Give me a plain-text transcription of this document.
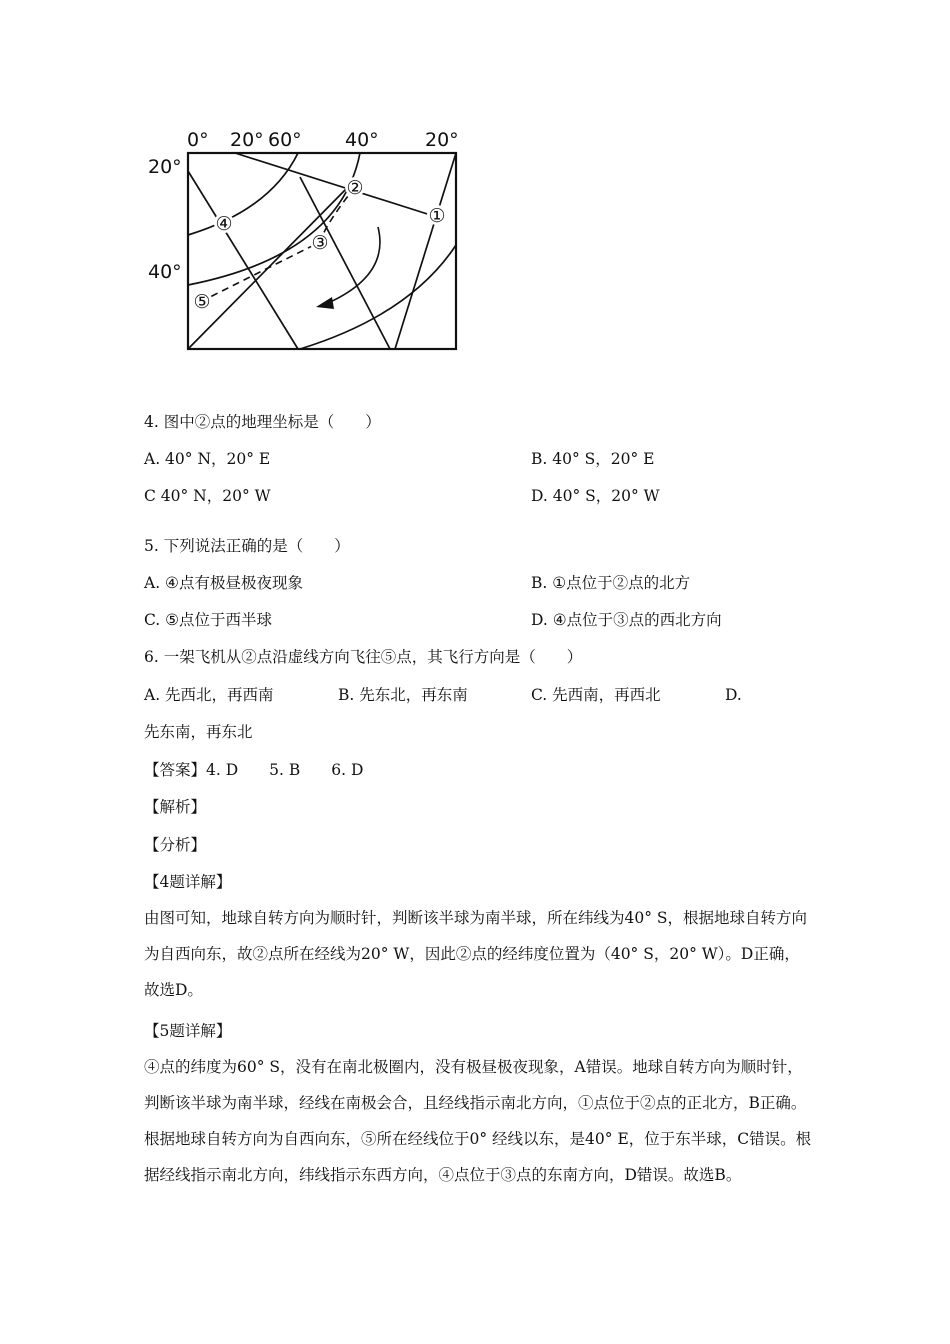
0° 20° 60° 40° 20°
20°
40°
①
②
③
④
⑤
4. 图中②点的地理坐标是（　　）
A. 40° N，20° E	B. 40° S，20° E
C 40° N，20° W	D. 40° S，20° W
5. 下列说法正确的是（　　）
A. ④点有极昼极夜现象	B. ①点位于②点的北方
C. ⑤点位于西半球	D. ④点位于③点的西北方向
6. 一架飞机从②点沿虚线方向飞往⑤点，其飞行方向是（　　）
A. 先西北，再西南	B. 先东北，再东南	C. 先西南，再西北	D.
先东南，再东北
【答案】4. D　　5. B　　6. D
【解析】
【分析】
【4题详解】
由图可知，地球自转方向为顺时针，判断该半球为南半球，所在纬线为40° S，根据地球自转方向为自西向东，故②点所在经线为20° W，因此②点的经纬度位置为（40° S，20° W）。D正确，故选D。
【5题详解】
④点的纬度为60° S，没有在南北极圈内，没有极昼极夜现象，A错误。地球自转方向为顺时针，判断该半球为南半球，经线在南极会合，且经线指示南北方向，①点位于②点的正北方，B正确。根据地球自转方向为自西向东，⑤所在经线位于0° 经线以东，是40° E，位于东半球，C错误。根据经线指示南北方向，纬线指示东西方向，④点位于③点的东南方向，D错误。故选B。
